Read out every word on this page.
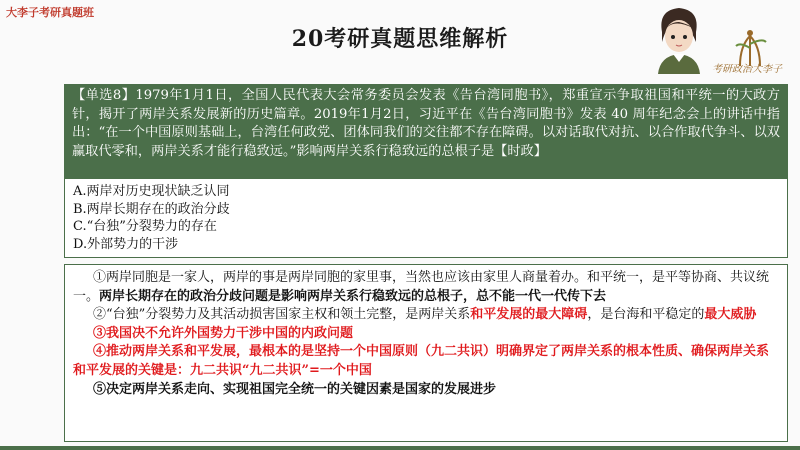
大李子考研真题班
20考研真题思维解析
考研政治大李子
【单选8】1979年1月1日，全国人民代表大会常务委员会发表《告台湾同胞书》，郑重宣示争取祖国和平统一的大政方针，揭开了两岸关系发展新的历史篇章。2019年1月2日，习近平在《告台湾同胞书》发表 40 周年纪念会上的讲话中指出：“在一个中国原则基础上，台湾任何政党、团体同我们的交往都不存在障碍。以对话取代对抗、以合作取代争斗、以双赢取代零和，两岸关系才能行稳致远。”影响两岸关系行稳致远的总根子是【时政】
A.两岸对历史现状缺乏认同
B.两岸长期存在的政治分歧
C.“台独”分裂势力的存在
D.外部势力的干涉

①两岸同胞是一家人，两岸的事是两岸同胞的家里事，当然也应该由家里人商量着办。和平统一，是平等协商、共议统一。两岸长期存在的政治分歧问题是影响两岸关系行稳致远的总根子，总不能一代一代传下去

②“台独”分裂势力及其活动损害国家主权和领土完整，是两岸关系和平发展的最大障碍，是台海和平稳定的最大威胁

③我国决不允许外国势力干涉中国的内政问题

④推动两岸关系和平发展，最根本的是坚持一个中国原则（九二共识）明确界定了两岸关系的根本性质、确保两岸关系和平发展的关键是：九二共识“九二共识”=一个中国

⑤决定两岸关系走向、实现祖国完全统一的关键因素是国家的发展进步
